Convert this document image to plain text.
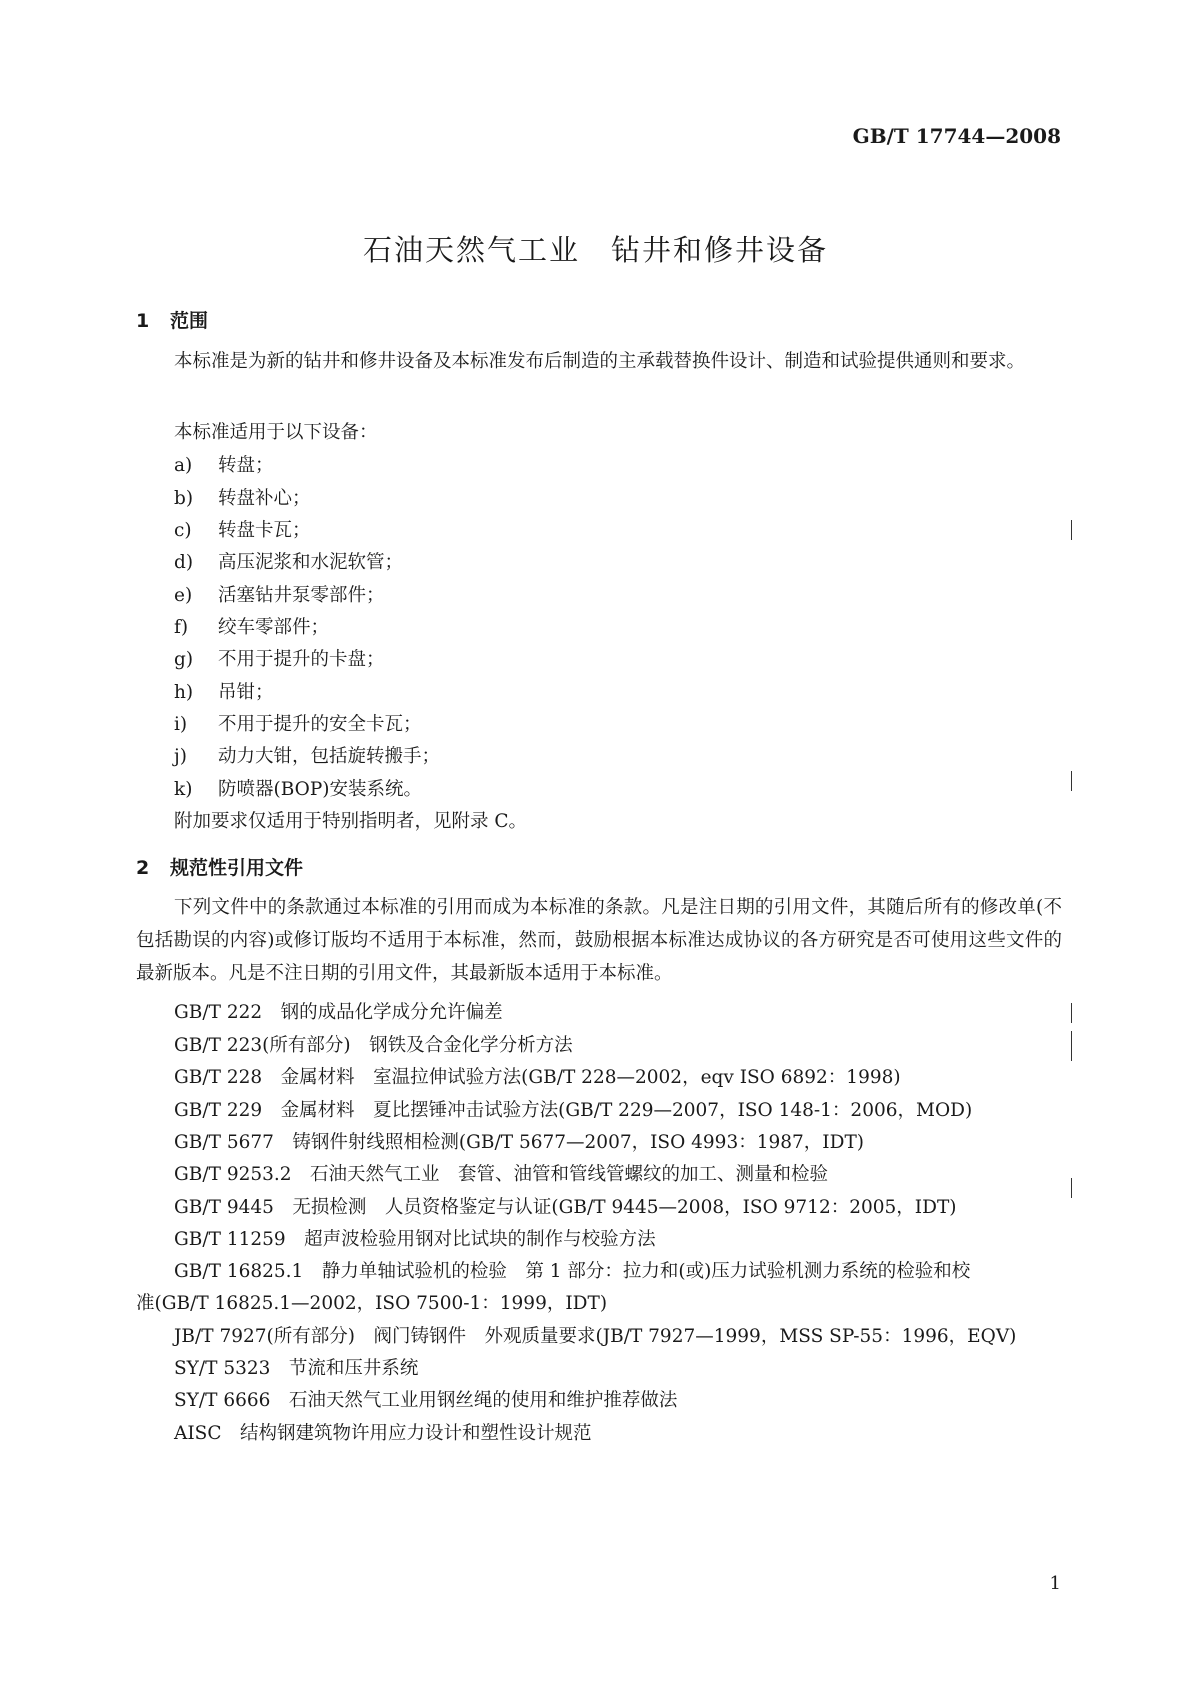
GB/T 17744—2008
石油天然气工业　钻井和修井设备
1 范围
本标准是为新的钻井和修井设备及本标准发布后制造的主承载替换件设计、制造和试验提供通则和要求。
本标准适用于以下设备：
a) 转盘；
b) 转盘补心；
c) 转盘卡瓦；
d) 高压泥浆和水泥软管；
e) 活塞钻井泵零部件；
f) 绞车零部件；
g) 不用于提升的卡盘；
h) 吊钳；
i) 不用于提升的安全卡瓦；
j) 动力大钳，包括旋转搬手；
k) 防喷器(BOP)安装系统。
附加要求仅适用于特别指明者，见附录 C。
2 规范性引用文件
下列文件中的条款通过本标准的引用而成为本标准的条款。凡是注日期的引用文件，其随后所有的修改单(不包括勘误的内容)或修订版均不适用于本标准，然而，鼓励根据本标准达成协议的各方研究是否可使用这些文件的最新版本。凡是不注日期的引用文件，其最新版本适用于本标准。
GB/T 222　钢的成品化学成分允许偏差
GB/T 223(所有部分)　钢铁及合金化学分析方法
GB/T 228　金属材料　室温拉伸试验方法(GB/T 228—2002，eqv ISO 6892：1998)
GB/T 229　金属材料　夏比摆锤冲击试验方法(GB/T 229—2007，ISO 148-1：2006，MOD)
GB/T 5677　铸钢件射线照相检测(GB/T 5677—2007，ISO 4993：1987，IDT)
GB/T 9253.2　石油天然气工业　套管、油管和管线管螺纹的加工、测量和检验
GB/T 9445　无损检测　人员资格鉴定与认证(GB/T 9445—2008，ISO 9712：2005，IDT)
GB/T 11259　超声波检验用钢对比试块的制作与校验方法
GB/T 16825.1　静力单轴试验机的检验　第 1 部分：拉力和(或)压力试验机测力系统的检验和校
准(GB/T 16825.1—2002，ISO 7500-1：1999，IDT)
JB/T 7927(所有部分)　阀门铸钢件　外观质量要求(JB/T 7927—1999，MSS SP-55：1996，EQV)
SY/T 5323　节流和压井系统
SY/T 6666　石油天然气工业用钢丝绳的使用和维护推荐做法
AISC　结构钢建筑物许用应力设计和塑性设计规范
1
